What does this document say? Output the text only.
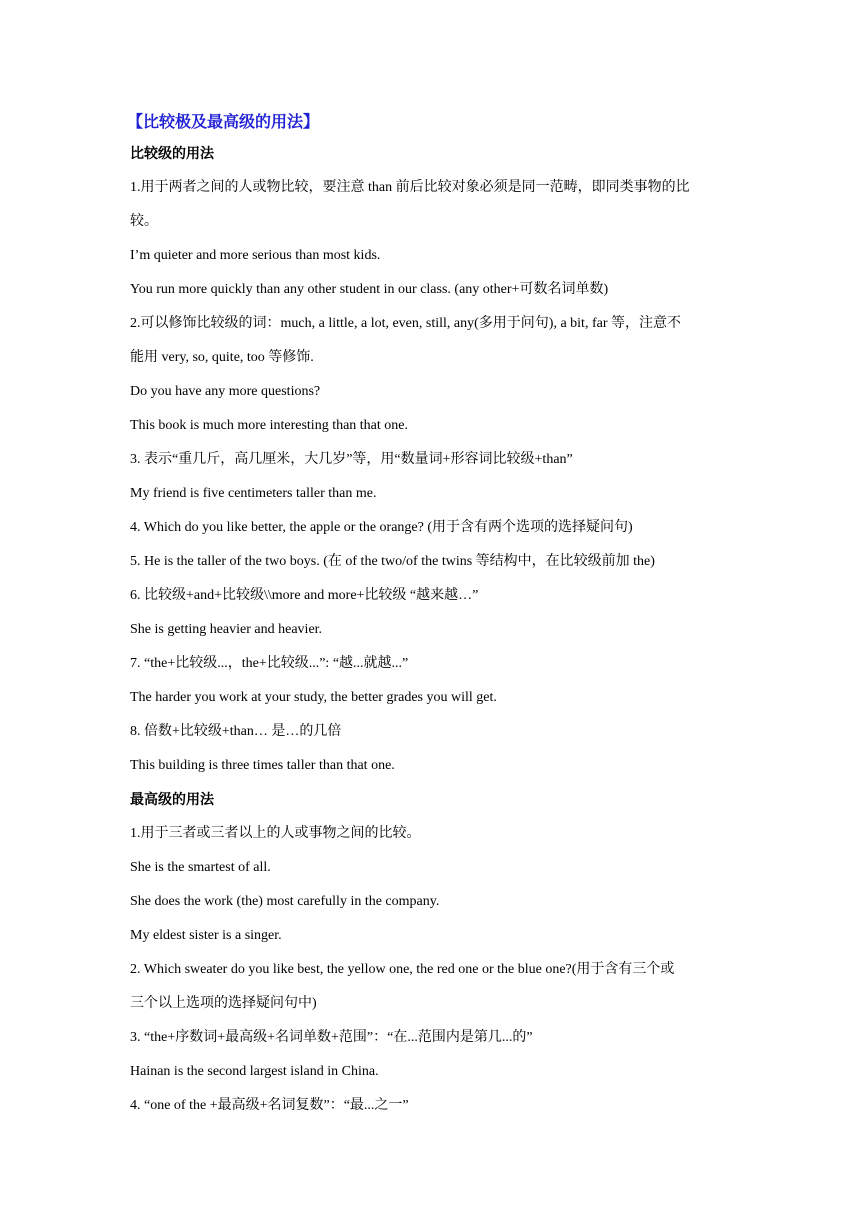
【比较极及最高级的用法】
比较级的用法
1.用于两者之间的人或物比较，要注意 than 前后比较对象必须是同一范畴，即同类事物的比
较。
I’m quieter and more serious than most kids.
You run more quickly than any other student in our class. (any other+可数名词单数)
2.可以修饰比较级的词：much, a little, a lot, even, still, any(多用于问句), a bit, far 等，注意不
能用 very, so, quite, too 等修饰.
Do you have any more questions?
This book is much more interesting than that one.
3. 表示“重几斤，高几厘米，大几岁”等，用“数量词+形容词比较级+than”
My friend is five centimeters taller than me.
4. Which do you like better, the apple or the orange? (用于含有两个选项的选择疑问句)
5. He is the taller of the two boys. (在 of the two/of the twins 等结构中，在比较级前加 the)
6. 比较级+and+比较级\\more and more+比较级 “越来越…”
She is getting heavier and heavier.
7. “the+比较级...，the+比较级...”: “越...就越...”
The harder you work at your study, the better grades you will get.
8. 倍数+比较级+than… 是…的几倍
This building is three times taller than that one.
最高级的用法
1.用于三者或三者以上的人或事物之间的比较。
She is the smartest of all.
She does the work (the) most carefully in the company.
My eldest sister is a singer.
2. Which sweater do you like best, the yellow one, the red one or the blue one?(用于含有三个或
三个以上选项的选择疑问句中)
3. “the+序数词+最高级+名词单数+范围”：“在...范围内是第几...的”
Hainan is the second largest island in China.
4. “one of the +最高级+名词复数”：“最...之一”
